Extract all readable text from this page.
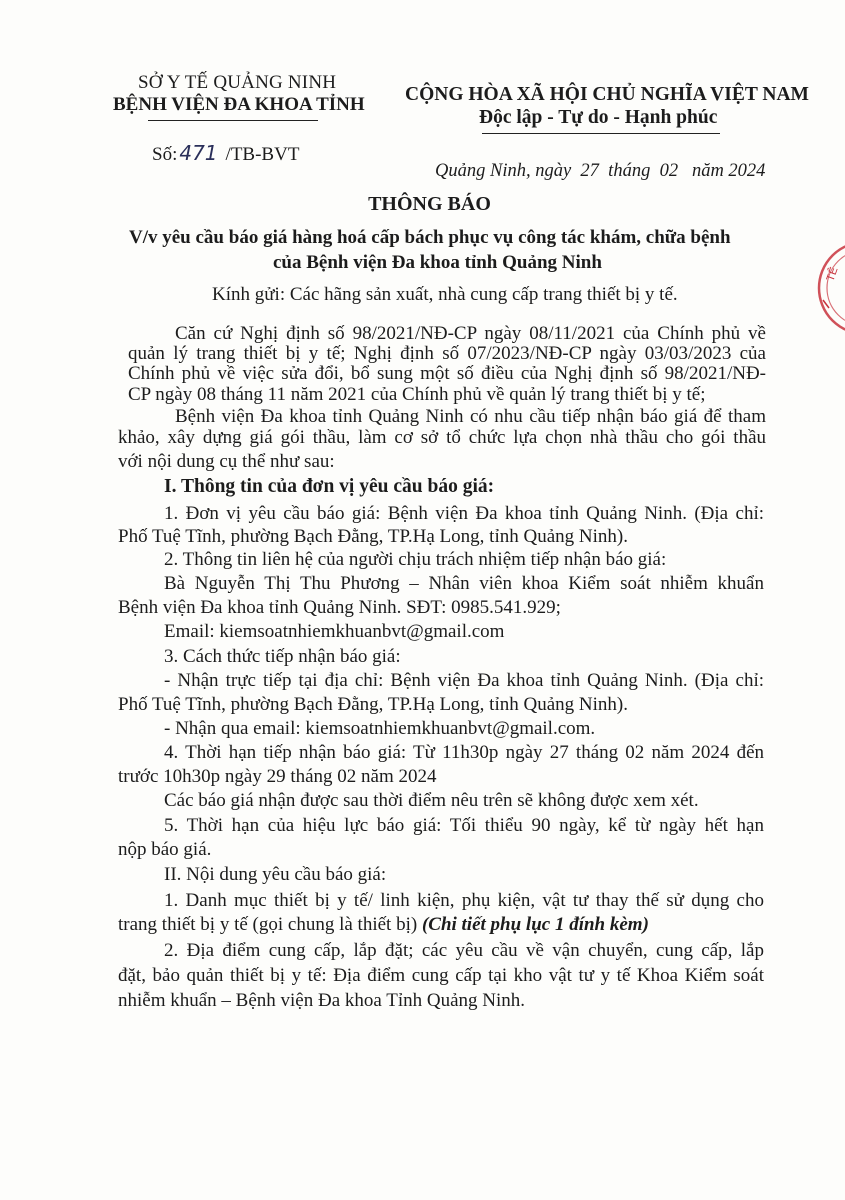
SỞ Y TẾ QUẢNG NINH
BỆNH VIỆN ĐA KHOA TỈNH CỘNG HÒA XÃ HỘI CHỦ NGHĨA VIỆT NAM
Độc lập - Tự do - Hạnh phúc
Số: 471 /TB-BVT
Quảng Ninh, ngày  27  tháng  02   năm 2024
THÔNG BÁO
V/v yêu cầu báo giá hàng hoá cấp bách phục vụ công tác khám, chữa bệnh
của Bệnh viện Đa khoa tỉnh Quảng Ninh
Kính gửi: Các hãng sản xuất, nhà cung cấp trang thiết bị y tế.
Căn cứ Nghị định số 98/2021/NĐ-CP ngày 08/11/2021 của Chính phủ về
quản lý trang thiết bị y tế; Nghị định số 07/2023/NĐ-CP ngày 03/03/2023 của
Chính phủ về việc sửa đổi, bổ sung một số điều của Nghị định số 98/2021/NĐ-
CP ngày 08 tháng 11 năm 2021 của Chính phủ về quản lý trang thiết bị y tế;
Bệnh viện Đa khoa tỉnh Quảng Ninh có nhu cầu tiếp nhận báo giá để tham
khảo, xây dựng giá gói thầu, làm cơ sở tổ chức lựa chọn nhà thầu cho gói thầu
với nội dung cụ thể như sau:
I. Thông tin của đơn vị yêu cầu báo giá:
1. Đơn vị yêu cầu báo giá: Bệnh viện Đa khoa tỉnh Quảng Ninh. (Địa chỉ:
Phố Tuệ Tĩnh, phường Bạch Đằng, TP.Hạ Long, tỉnh Quảng Ninh).
2. Thông tin liên hệ của người chịu trách nhiệm tiếp nhận báo giá:
Bà Nguyễn Thị Thu Phương – Nhân viên khoa Kiểm soát nhiễm khuẩn
Bệnh viện Đa khoa tỉnh Quảng Ninh. SĐT: 0985.541.929;
Email: kiemsoatnhiemkhuanbvt@gmail.com
3. Cách thức tiếp nhận báo giá:
- Nhận trực tiếp tại địa chỉ: Bệnh viện Đa khoa tỉnh Quảng Ninh. (Địa chỉ:
Phố Tuệ Tĩnh, phường Bạch Đằng, TP.Hạ Long, tỉnh Quảng Ninh).
- Nhận qua email: kiemsoatnhiemkhuanbvt@gmail.com.
4. Thời hạn tiếp nhận báo giá: Từ 11h30p ngày 27 tháng 02 năm 2024 đến
trước 10h30p ngày 29 tháng 02 năm 2024
Các báo giá nhận được sau thời điểm nêu trên sẽ không được xem xét.
5. Thời hạn của hiệu lực báo giá: Tối thiểu 90 ngày, kể từ ngày hết hạn
nộp báo giá.
II. Nội dung yêu cầu báo giá:
1. Danh mục thiết bị y tế/ linh kiện, phụ kiện, vật tư thay thế sử dụng cho
trang thiết bị y tế (gọi chung là thiết bị) (Chi tiết phụ lục 1 đính kèm)
2. Địa điểm cung cấp, lắp đặt; các yêu cầu về vận chuyển, cung cấp, lắp
đặt, bảo quản thiết bị y tế: Địa điểm cung cấp tại kho vật tư y tế Khoa Kiểm soát
nhiễm khuẩn – Bệnh viện Đa khoa Tỉnh Quảng Ninh.
TÊ
